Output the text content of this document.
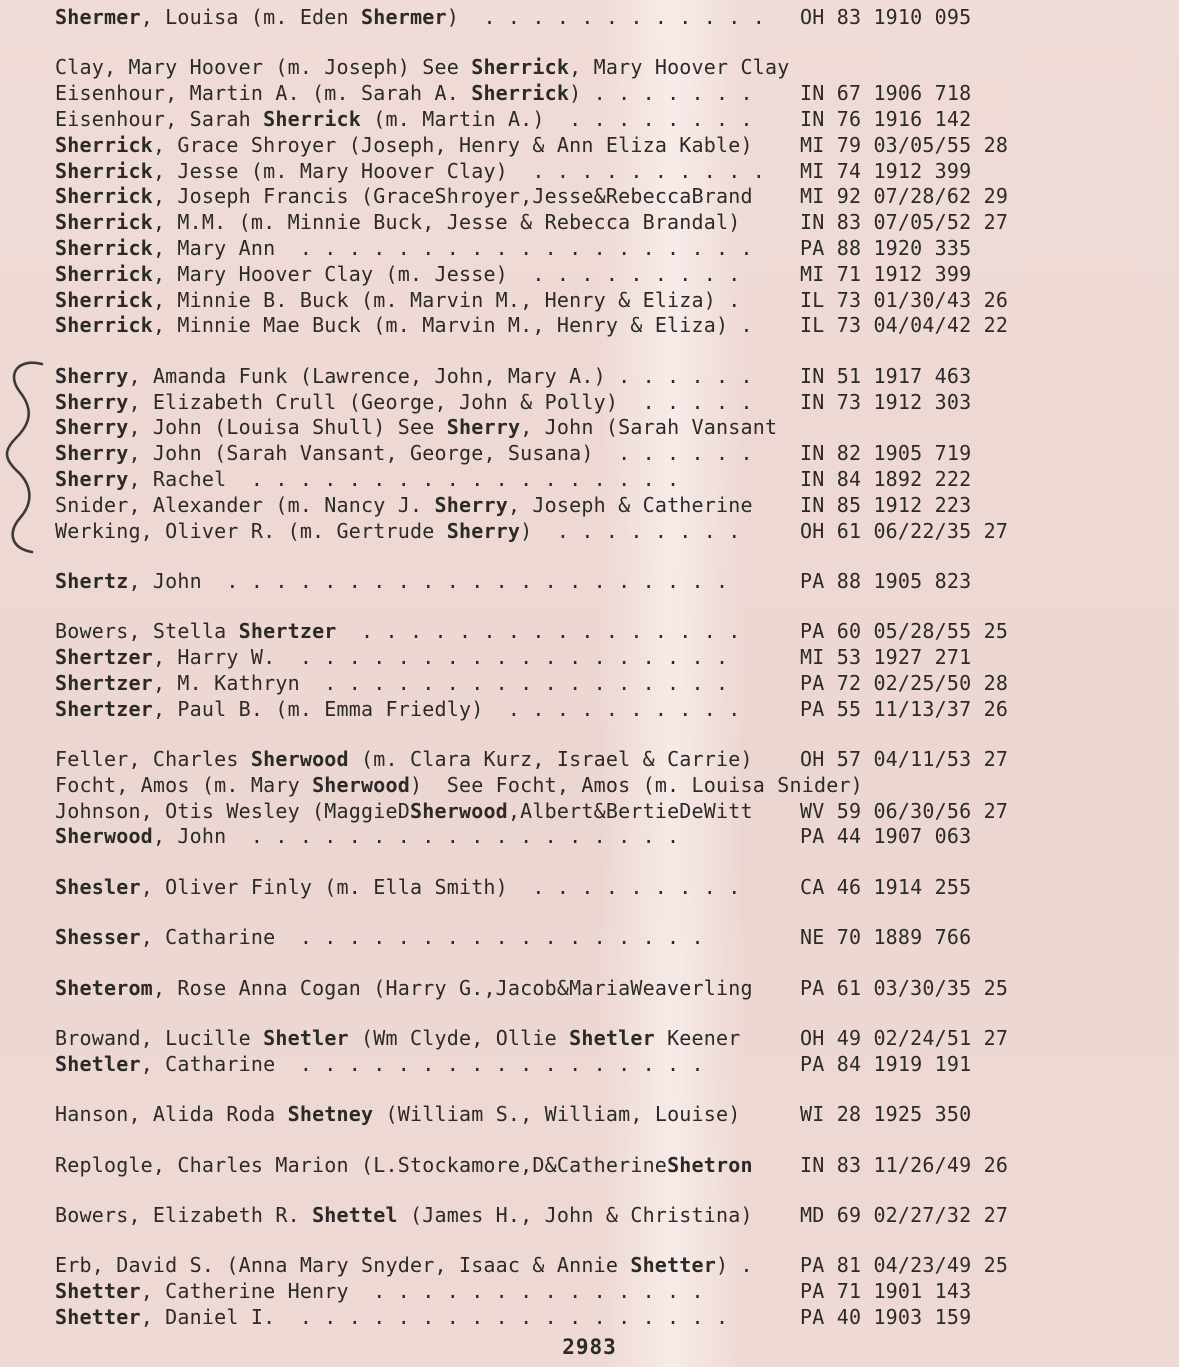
Shermer, Louisa (m. Eden Shermer)  . . . . . . . . . . . . OH 83 1910 095
Clay, Mary Hoover (m. Joseph) See Sherrick, Mary Hoover Clay
Eisenhour, Martin A. (m. Sarah A. Sherrick) . . . . . . . IN 67 1906 718
Eisenhour, Sarah Sherrick (m. Martin A.)  . . . . . . . . IN 76 1916 142
Sherrick, Grace Shroyer (Joseph, Henry & Ann Eliza Kable) MI 79 03/05/55 28
Sherrick, Jesse (m. Mary Hoover Clay)  . . . . . . . . . . MI 74 1912 399
Sherrick, Joseph Francis (GraceShroyer,Jesse&RebeccaBrand MI 92 07/28/62 29
Sherrick, M.M. (m. Minnie Buck, Jesse & Rebecca Brandal)	IN 83 07/05/52 27
Sherrick, Mary Ann  . . . . . . . . . . . . . . . . . . . PA 88 1920 335
Sherrick, Mary Hoover Clay (m. Jesse)  . . . . . . . . .	MI 71 1912 399
Sherrick, Minnie B. Buck (m. Marvin M., Henry & Eliza) .	IL 73 01/30/43 26
Sherrick, Minnie Mae Buck (m. Marvin M., Henry & Eliza) . IL 73 04/04/42 22
Sherry, Amanda Funk (Lawrence, John, Mary A.) . . . . . . IN 51 1917 463
Sherry, Elizabeth Crull (George, John & Polly)  . . . . . IN 73 1912 303
Sherry, John (Louisa Shull) See Sherry, John (Sarah Vansant
Sherry, John (Sarah Vansant, George, Susana)  . . . . . . IN 82 1905 719
Sherry, Rachel  . . . . . . . . . . . . . . . . . .	IN 84 1892 222
Snider, Alexander (m. Nancy J. Sherry, Joseph & Catherine IN 85 1912 223
Werking, Oliver R. (m. Gertrude Sherry)  . . . . . . . .	OH 61 06/22/35 27
Shertz, John  . . . . . . . . . . . . . . . . . . . . .	PA 88 1905 823
Bowers, Stella Shertzer  . . . . . . . . . . . . . . . .	PA 60 05/28/55 25
Shertzer, Harry W.  . . . . . . . . . . . . . . . . . .	MI 53 1927 271
Shertzer, M. Kathryn  . . . . . . . . . . . . . . . . .	PA 72 02/25/50 28
Shertzer, Paul B. (m. Emma Friedly)  . . . . . . . . . .	PA 55 11/13/37 26
Feller, Charles Sherwood (m. Clara Kurz, Israel & Carrie) OH 57 04/11/53 27
Focht, Amos (m. Mary Sherwood)  See Focht, Amos (m. Louisa Snider)
Johnson, Otis Wesley (MaggieDSherwood,Albert&BertieDeWitt WV 59 06/30/56 27
Sherwood, John  . . . . . . . . . . . . . . . . . .	PA 44 1907 063
Shesler, Oliver Finly (m. Ella Smith)  . . . . . . . . .	CA 46 1914 255
Shesser, Catharine  . . . . . . . . . . . . . . . . .	NE 70 1889 766
Sheterom, Rose Anna Cogan (Harry G.,Jacob&MariaWeaverling PA 61 03/30/35 25
Browand, Lucille Shetler (Wm Clyde, Ollie Shetler Keener	OH 49 02/24/51 27
Shetler, Catharine  . . . . . . . . . . . . . . . . .	PA 84 1919 191
Hanson, Alida Roda Shetney (William S., William, Louise)	WI 28 1925 350
Replogle, Charles Marion (L.Stockamore,D&CatherineShetron IN 83 11/26/49 26
Bowers, Elizabeth R. Shettel (James H., John & Christina) MD 69 02/27/32 27
Erb, David S. (Anna Mary Snyder, Isaac & Annie Shetter) . PA 81 04/23/49 25
Shetter, Catherine Henry  . . . . . . . . . . . . . .	PA 71 1901 143
Shetter, Daniel I.  . . . . . . . . . . . . . . . . . .	PA 40 1903 159
2983
